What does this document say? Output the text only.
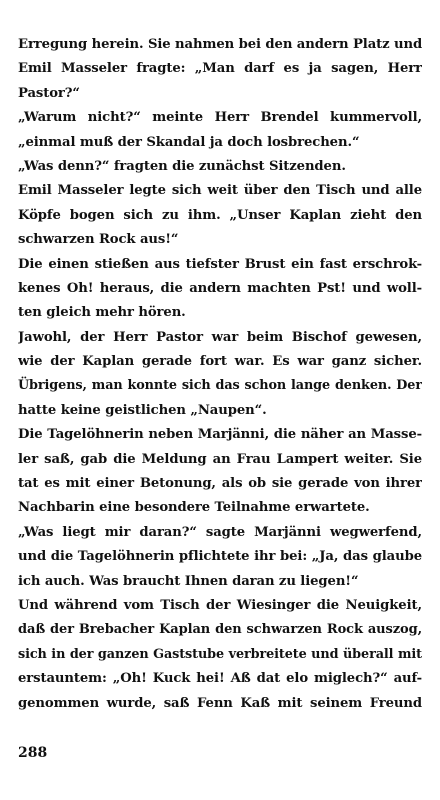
Erregung herein. Sie nahmen bei den andern Platz und
Emil Masseler fragte: „Man darf es ja sagen, Herr
Pastor?“
„Warum nicht?“ meinte Herr Brendel kummervoll,
„einmal muß der Skandal ja doch losbrechen.“
„Was denn?“ fragten die zunächst Sitzenden.
Emil Masseler legte sich weit über den Tisch und alle
Köpfe bogen sich zu ihm. „Unser Kaplan zieht den
schwarzen Rock aus!“
Die einen stießen aus tiefster Brust ein fast erschrok-
kenes Oh! heraus, die andern machten Pst! und woll-
ten gleich mehr hören.
Jawohl, der Herr Pastor war beim Bischof gewesen,
wie der Kaplan gerade fort war. Es war ganz sicher.
Übrigens, man konnte sich das schon lange denken. Der
hatte keine geistlichen „Naupen“.
Die Tagelöhnerin neben Marjänni, die näher an Masse-
ler saß, gab die Meldung an Frau Lampert weiter. Sie
tat es mit einer Betonung, als ob sie gerade von ihrer
Nachbarin eine besondere Teilnahme erwartete.
„Was liegt mir daran?“ sagte Marjänni wegwerfend,
und die Tagelöhnerin pflichtete ihr bei: „Ja, das glaube
ich auch. Was braucht Ihnen daran zu liegen!“
Und während vom Tisch der Wiesinger die Neuigkeit,
daß der Brebacher Kaplan den schwarzen Rock auszog,
sich in der ganzen Gaststube verbreitete und überall mit
erstauntem: „Oh! Kuck hei! Aß dat elo miglech?“ auf-
genommen wurde, saß Fenn Kaß mit seinem Freund
288
